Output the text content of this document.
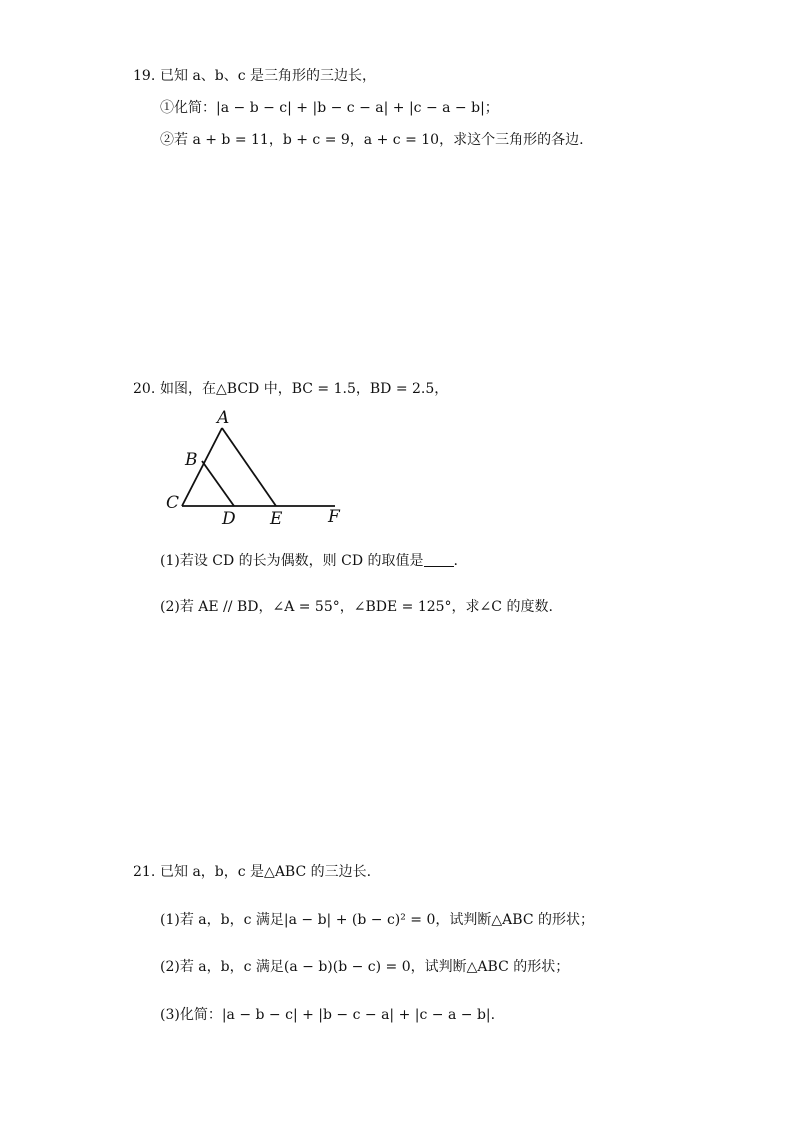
19. 已知 a、b、c 是三角形的三边长，
①化简：|a − b − c| + |b − c − a| + |c − a − b|；
②若 a + b = 11，b + c = 9，a + c = 10，求这个三角形的各边.
20. 如图，在△BCD 中，BC = 1.5，BD = 2.5，
A
B
C
D E	F
(1)若设 CD 的长为偶数，则 CD 的取值是 .
(2)若 AE // BD，∠A = 55°，∠BDE = 125°，求∠C 的度数.
21. 已知 a，b，c 是△ABC 的三边长.
(1)若 a，b，c 满足|a − b| + (b − c)² = 0，试判断△ABC 的形状；
(2)若 a，b，c 满足(a − b)(b − c) = 0，试判断△ABC 的形状；
(3)化简：|a − b − c| + |b − c − a| + |c − a − b|.
